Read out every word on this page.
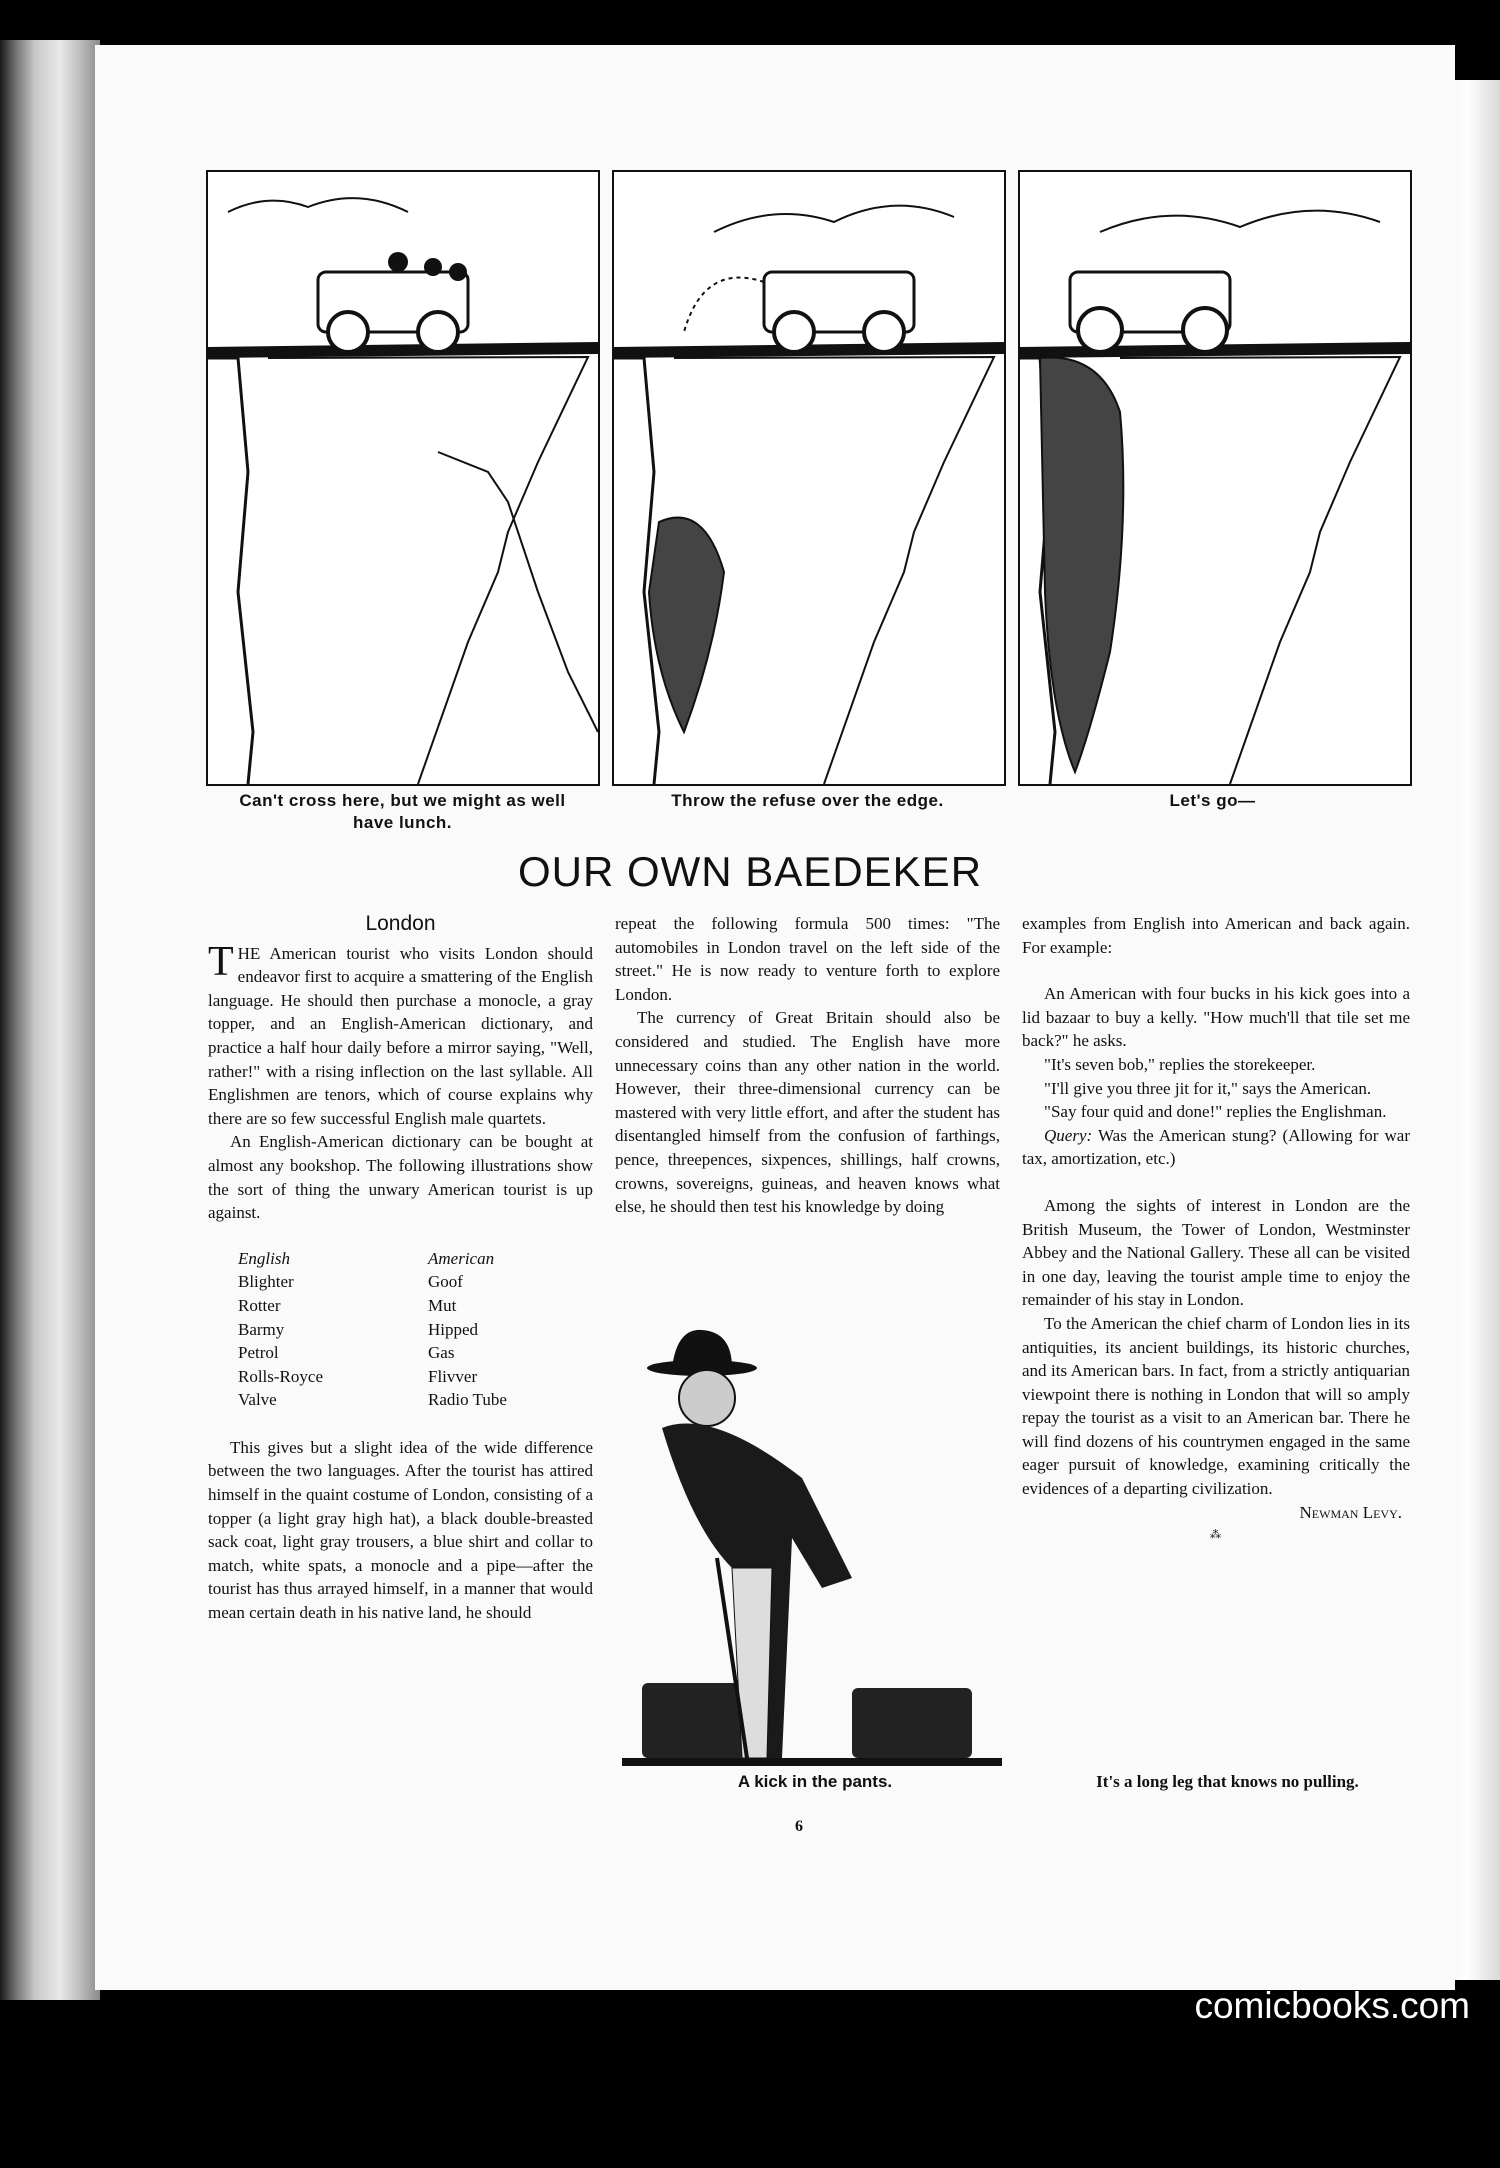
Can't cross here, but we might as well have lunch.
Throw the refuse over the edge.	Let's go—
OUR OWN BAEDEKER

London

THE American tourist who visits London should endeavor first to acquire a smattering of the English language. He should then purchase a monocle, a gray topper, and an English-American dictionary, and practice a half hour daily before a mirror saying, "Well, rather!" with a rising inflection on the last syllable. All Englishmen are tenors, which of course explains why there are so few successful English male quartets.

An English-American dictionary can be bought at almost any bookshop. The following illustrations show the sort of thing the unwary American tourist is up against.

English	American
Blighter	Goof
Rotter	Mut
Barmy	Hipped
Petrol	Gas
Rolls-Royce	Flivver
Valve	Radio Tube

This gives but a slight idea of the wide difference between the two languages. After the tourist has attired himself in the quaint costume of London, consisting of a topper (a light gray high hat), a black double-breasted sack coat, light gray trousers, a blue shirt and collar to match, white spats, a monocle and a pipe—after the tourist has thus arrayed himself, in a manner that would mean certain death in his native land, he should

repeat the following formula 500 times: "The automobiles in London travel on the left side of the street." He is now ready to venture forth to explore London.

The currency of Great Britain should also be considered and studied. The English have more unnecessary coins than any other nation in the world. However, their three-dimensional currency can be mastered with very little effort, and after the student has disentangled himself from the confusion of farthings, pence, threepences, sixpences, shillings, half crowns, crowns, sovereigns, guineas, and heaven knows what else, he should then test his knowledge by doing

A kick in the pants.

examples from English into American and back again. For example:

An American with four bucks in his kick goes into a lid bazaar to buy a kelly. "How much'll that tile set me back?" he asks.

"It's seven bob," replies the storekeeper.

"I'll give you three jit for it," says the American.

"Say four quid and done!" replies the Englishman.

Query: Was the American stung? (Allowing for war tax, amortization, etc.)

Among the sights of interest in London are the British Museum, the Tower of London, Westminster Abbey and the National Gallery. These all can be visited in one day, leaving the tourist ample time to enjoy the remainder of his stay in London.

To the American the chief charm of London lies in its antiquities, its ancient buildings, its historic churches, and its American bars. In fact, from a strictly antiquarian viewpoint there is nothing in London that will so amply repay the tourist as a visit to an American bar. There he will find dozens of his countrymen engaged in the same eager pursuit of knowledge, examining critically the evidences of a departing civilization.

Newman Levy.

⁂

It's a long leg that knows no pulling.
6
comicbooks.com
